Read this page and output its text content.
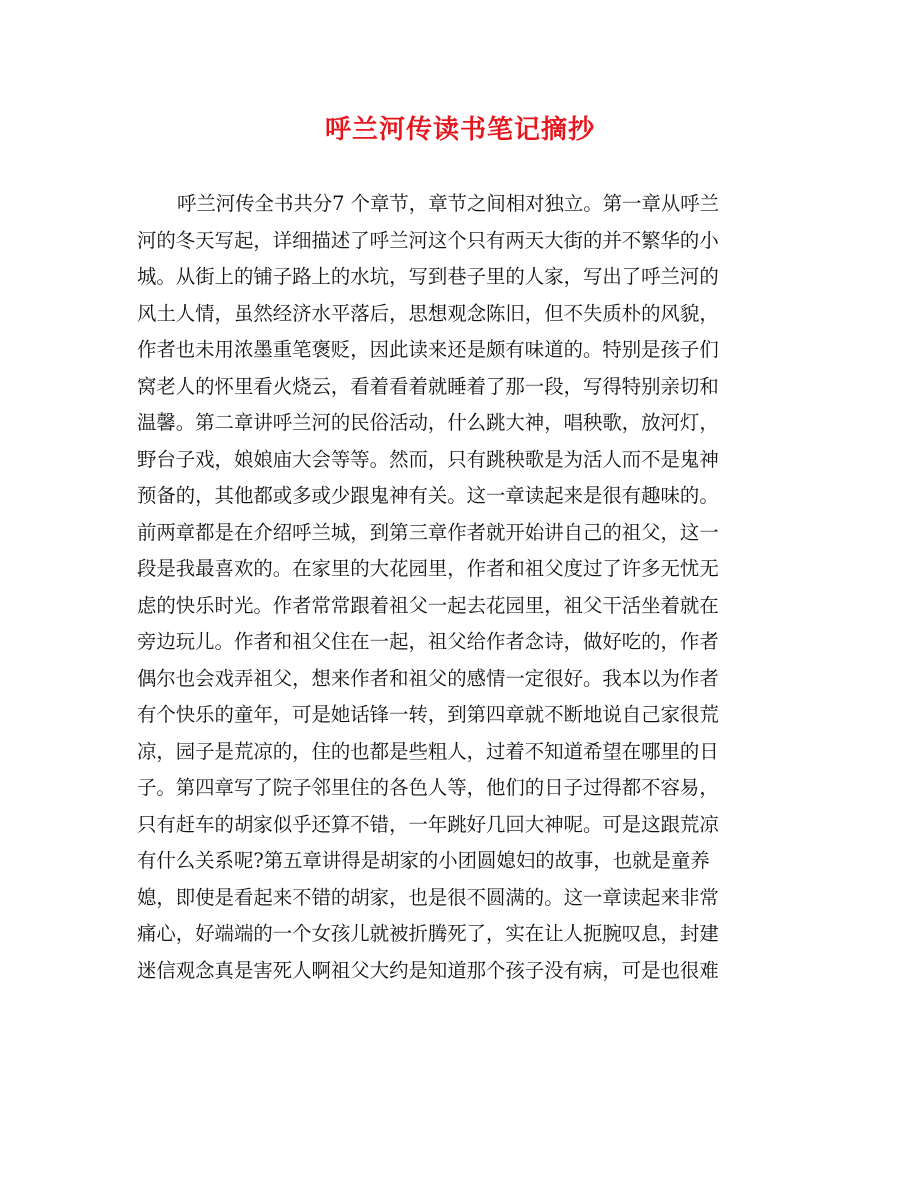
呼兰河传读书笔记摘抄
呼兰河传全书共分7 个章节，章节之间相对独立。第一章从呼兰
河的冬天写起，详细描述了呼兰河这个只有两天大街的并不繁华的小
城。从街上的铺子路上的水坑，写到巷子里的人家，写出了呼兰河的
风土人情，虽然经济水平落后，思想观念陈旧，但不失质朴的风貌，
作者也未用浓墨重笔褒贬，因此读来还是颇有味道的。特别是孩子们
窝老人的怀里看火烧云，看着看着就睡着了那一段，写得特别亲切和
温馨。第二章讲呼兰河的民俗活动，什么跳大神，唱秧歌，放河灯，
野台子戏，娘娘庙大会等等。然而，只有跳秧歌是为活人而不是鬼神
预备的，其他都或多或少跟鬼神有关。这一章读起来是很有趣味的。
前两章都是在介绍呼兰城，到第三章作者就开始讲自己的祖父，这一
段是我最喜欢的。在家里的大花园里，作者和祖父度过了许多无忧无
虑的快乐时光。作者常常跟着祖父一起去花园里，祖父干活坐着就在
旁边玩儿。作者和祖父住在一起，祖父给作者念诗，做好吃的，作者
偶尔也会戏弄祖父，想来作者和祖父的感情一定很好。我本以为作者
有个快乐的童年，可是她话锋一转，到第四章就不断地说自己家很荒
凉，园子是荒凉的，住的也都是些粗人，过着不知道希望在哪里的日
子。第四章写了院子邻里住的各色人等，他们的日子过得都不容易，
只有赶车的胡家似乎还算不错，一年跳好几回大神呢。可是这跟荒凉
有什么关系呢?第五章讲得是胡家的小团圆媳妇的故事，也就是童养
媳，即使是看起来不错的胡家，也是很不圆满的。这一章读起来非常
痛心，好端端的一个女孩儿就被折腾死了，实在让人扼腕叹息，封建
迷信观念真是害死人啊祖父大约是知道那个孩子没有病，可是也很难
